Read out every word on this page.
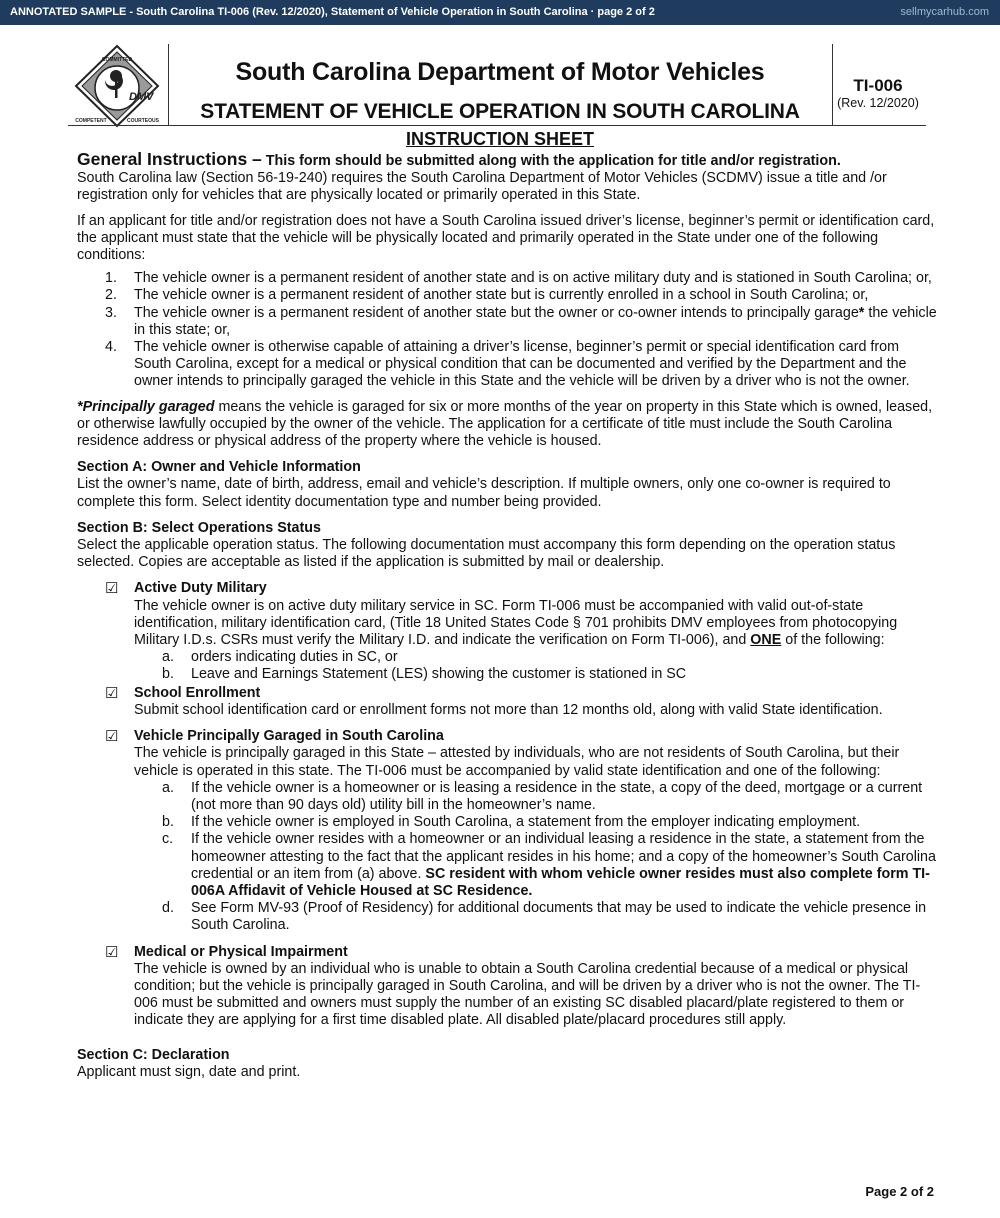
ANNOTATED SAMPLE - South Carolina TI-006 (Rev. 12/2020), Statement of Vehicle Operation in South Carolina · page 2 of 2	sellmycarhub.com
DMV
COMMITTED
COMPETENT	COURTEOUS
South Carolina Department of Motor Vehicles
STATEMENT OF VEHICLE OPERATION IN SOUTH CAROLINA
TI-006
(Rev. 12/2020)
INSTRUCTION SHEET

General Instructions – This form should be submitted along with the application for title and/or registration.

South Carolina law (Section 56-19-240) requires the South Carolina Department of Motor Vehicles (SCDMV) issue a title and /or registration only for vehicles that are physically located or primarily operated in this State.

If an applicant for title and/or registration does not have a South Carolina issued driver’s license, beginner’s permit or identification card, the applicant must state that the vehicle will be physically located and primarily operated in the State under one of the following conditions:

1. The vehicle owner is a permanent resident of another state and is on active military duty and is stationed in South Carolina; or,
2. The vehicle owner is a permanent resident of another state but is currently enrolled in a school in South Carolina; or,
3. The vehicle owner is a permanent resident of another state but the owner or co-owner intends to principally garage* the vehicle in this state; or,
4. The vehicle owner is otherwise capable of attaining a driver’s license, beginner’s permit or special identification card from South Carolina, except for a medical or physical condition that can be documented and verified by the Department and the owner intends to principally garaged the vehicle in this State and the vehicle will be driven by a driver who is not the owner.

*Principally garaged means the vehicle is garaged for six or more months of the year on property in this State which is owned, leased, or otherwise lawfully occupied by the owner of the vehicle. The application for a certificate of title must include the South Carolina residence address or physical address of the property where the vehicle is housed.

Section A: Owner and Vehicle Information

List the owner’s name, date of birth, address, email and vehicle’s description. If multiple owners, only one co-owner is required to complete this form. Select identity documentation type and number being provided.

Section B: Select Operations Status

Select the applicable operation status. The following documentation must accompany this form depending on the operation status selected. Copies are acceptable as listed if the application is submitted by mail or dealership.

☑ Active Duty Military

The vehicle owner is on active duty military service in SC. Form TI-006 must be accompanied with valid out-of-state identification, military identification card, (Title 18 United States Code § 701 prohibits DMV employees from photocopying Military I.D.s. CSRs must verify the Military I.D. and indicate the verification on Form TI-006), and ONE of the following:

a. orders indicating duties in SC, or
b. Leave and Earnings Statement (LES) showing the customer is stationed in SC
☑ School Enrollment

Submit school identification card or enrollment forms not more than 12 months old, along with valid State identification.

☑ Vehicle Principally Garaged in South Carolina

The vehicle is principally garaged in this State – attested by individuals, who are not residents of South Carolina, but their vehicle is operated in this state. The TI-006 must be accompanied by valid state identification and one of the following:

a. If the vehicle owner is a homeowner or is leasing a residence in the state, a copy of the deed, mortgage or a current (not more than 90 days old) utility bill in the homeowner’s name.
b. If the vehicle owner is employed in South Carolina, a statement from the employer indicating employment.
c. If the vehicle owner resides with a homeowner or an individual leasing a residence in the state, a statement from the homeowner attesting to the fact that the applicant resides in his home; and a copy of the homeowner’s South Carolina credential or an item from (a) above. SC resident with whom vehicle owner resides must also complete form TI-006A Affidavit of Vehicle Housed at SC Residence.
d. See Form MV-93 (Proof of Residency) for additional documents that may be used to indicate the vehicle presence in South Carolina.
☑ Medical or Physical Impairment

The vehicle is owned by an individual who is unable to obtain a South Carolina credential because of a medical or physical condition; but the vehicle is principally garaged in South Carolina, and will be driven by a driver who is not the owner. The TI-006 must be submitted and owners must supply the number of an existing SC disabled placard/plate registered to them or indicate they are applying for a first time disabled plate. All disabled plate/placard procedures still apply.

Section C: Declaration

Applicant must sign, date and print.

Page 2 of 2
